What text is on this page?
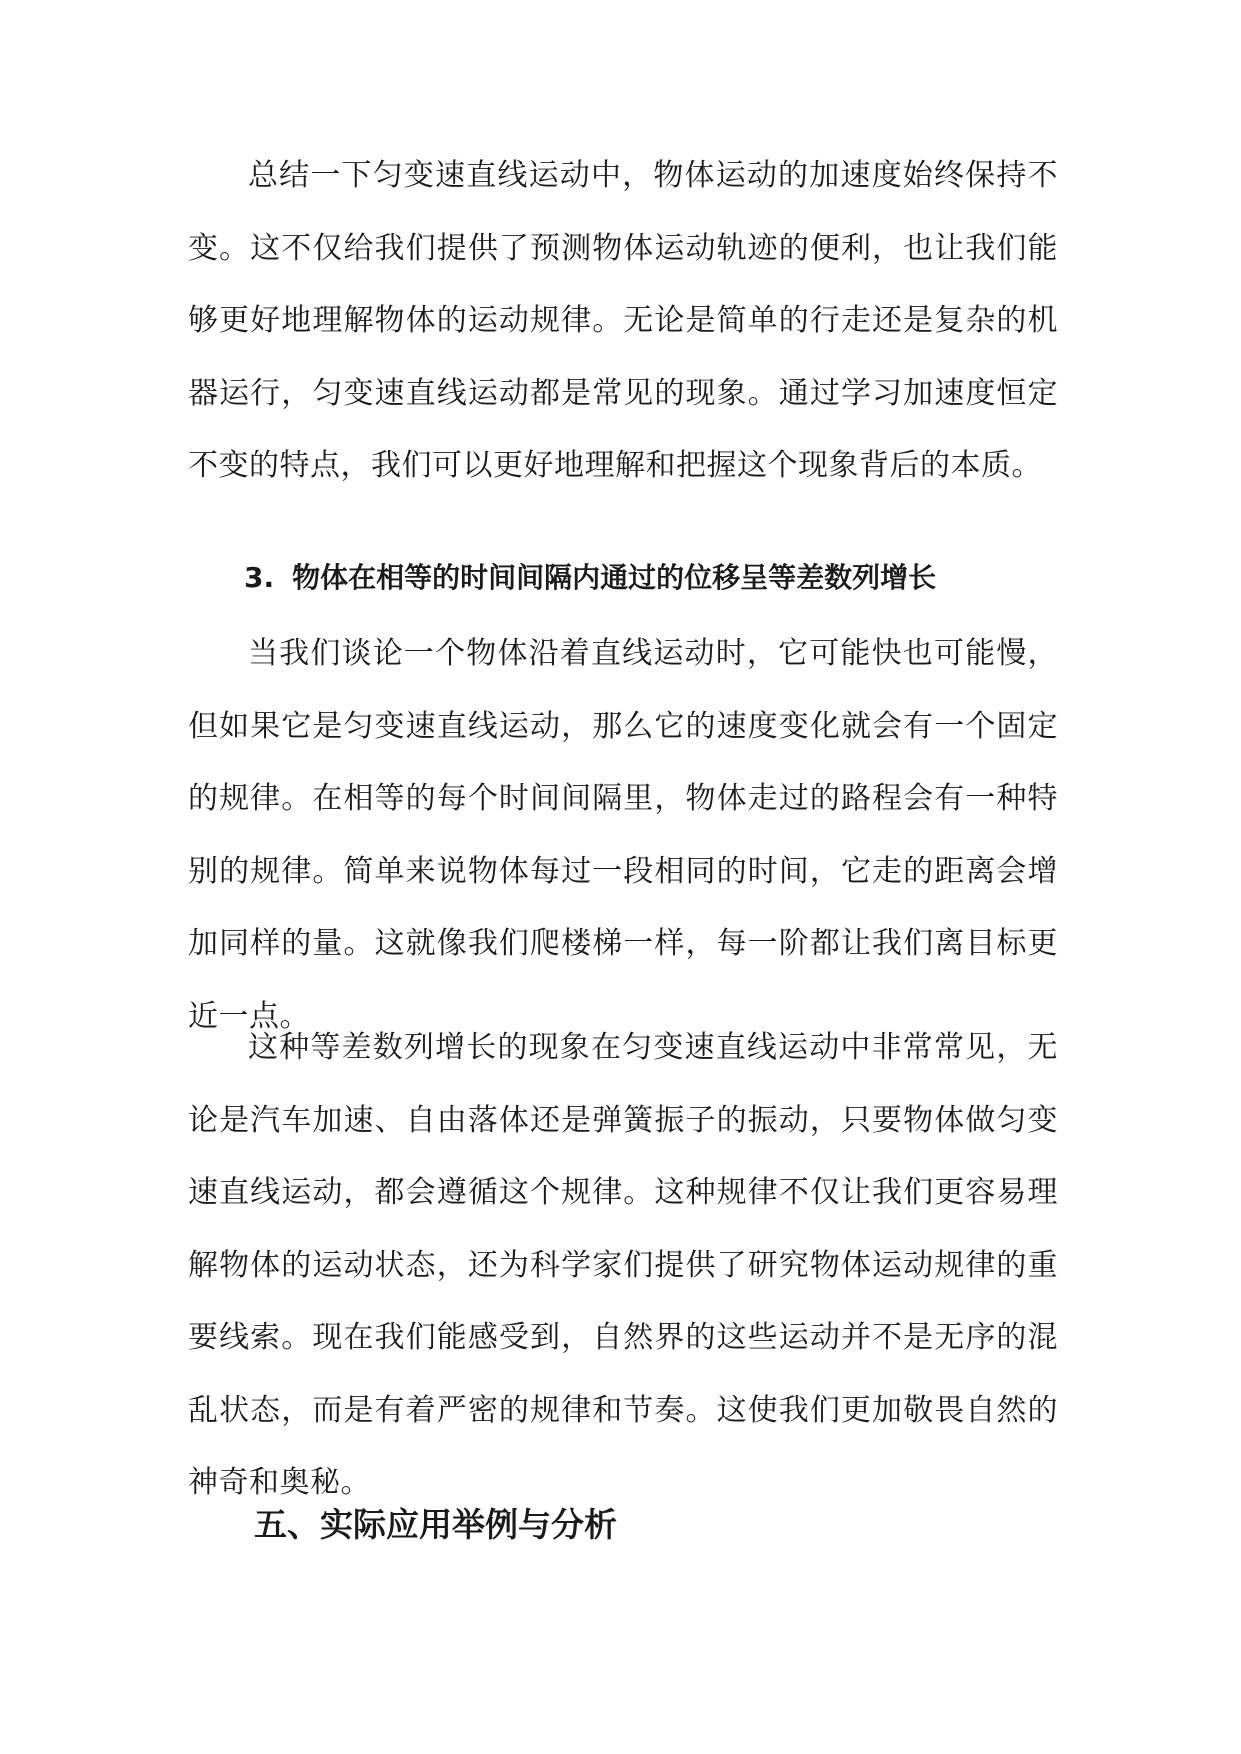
总结一下匀变速直线运动中，物体运动的加速度始终保持不变。这不仅给我们提供了预测物体运动轨迹的便利，也让我们能够更好地理解物体的运动规律。无论是简单的行走还是复杂的机器运行，匀变速直线运动都是常见的现象。通过学习加速度恒定不变的特点，我们可以更好地理解和把握这个现象背后的本质。

3. 物体在相等的时间间隔内通过的位移呈等差数列增长

当我们谈论一个物体沿着直线运动时，它可能快也可能慢，但如果它是匀变速直线运动，那么它的速度变化就会有一个固定的规律。在相等的每个时间间隔里，物体走过的路程会有一种特别的规律。简单来说物体每过一段相同的时间，它走的距离会增加同样的量。这就像我们爬楼梯一样，每一阶都让我们离目标更近一点。

这种等差数列增长的现象在匀变速直线运动中非常常见，无论是汽车加速、自由落体还是弹簧振子的振动，只要物体做匀变速直线运动，都会遵循这个规律。这种规律不仅让我们更容易理解物体的运动状态，还为科学家们提供了研究物体运动规律的重要线索。现在我们能感受到，自然界的这些运动并不是无序的混乱状态，而是有着严密的规律和节奏。这使我们更加敬畏自然的神奇和奥秘。

五、实际应用举例与分析
